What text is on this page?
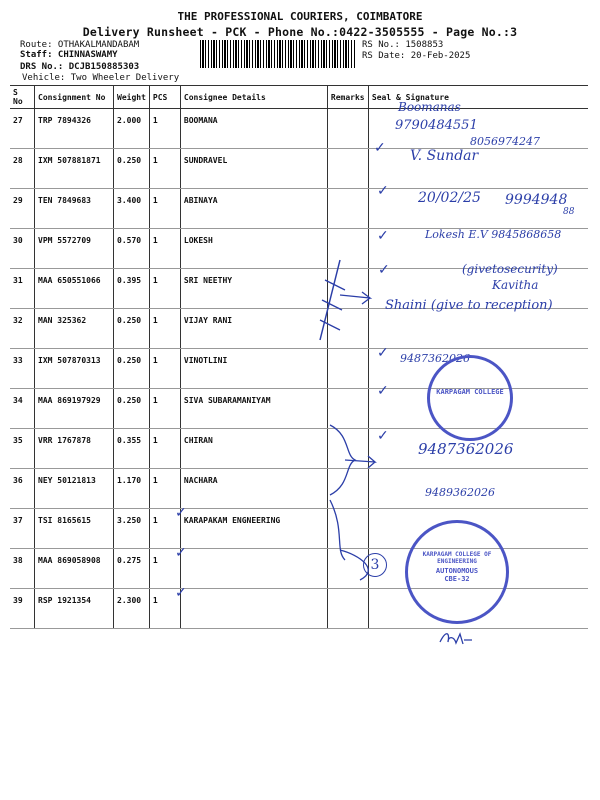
THE PROFESSIONAL COURIERS, COIMBATORE
Delivery Runsheet - PCK - Phone No.:0422-3505555 - Page No.:3
Route: OTHAKALMANDABAM
Staff: CHINNASWAMY
DRS No.: DCJB150885303
Vehicle: Two Wheeler Delivery
RS No.: 1508853
RS Date: 20-Feb-2025
S No	Consignment No	Weight	PCS	Consignee Details	Remarks	Seal & Signature
27	TRP 7894326	2.000	1	BOOMANA		
28	IXM 507881871	0.250	1	SUNDRAVEL		
29	TEN 7849683	3.400	1	ABINAYA		
30	VPM 5572709	0.570	1	LOKESH		
31	MAA 650551066	0.395	1	SRI NEETHY		
32	MAN 325362	0.250	1	VIJAY RANI		
33	IXM 507870313	0.250	1	VINOTLINI		
34	MAA 869197929	0.250	1	SIVA SUBARAMANIYAM		
35	VRR 1767878	0.355	1	CHIRAN		
36	NEY 50121813	1.170	1	NACHARA		
37	TSI 8165615	3.250	1	KARAPAKAM ENGNEERING		
38	MAA 869058908	0.275	1			
39	RSP 1921354	2.300	1			
Boomanas
9790484551
8056974247
V. Sundar
20/02/25 9994948
88
Lokesh E.V 9845868658
(givetosecurity)
Kavitha
Shaini (give to reception)
9487362026
9487362026
9489362026
✓
✓
✓
✓
✓
✓
✓
✓
✓
✓
3
KARPAGAM COLLEGE
KARPAGAM COLLEGE OF ENGINEERING
AUTONOMOUS CBE-32
